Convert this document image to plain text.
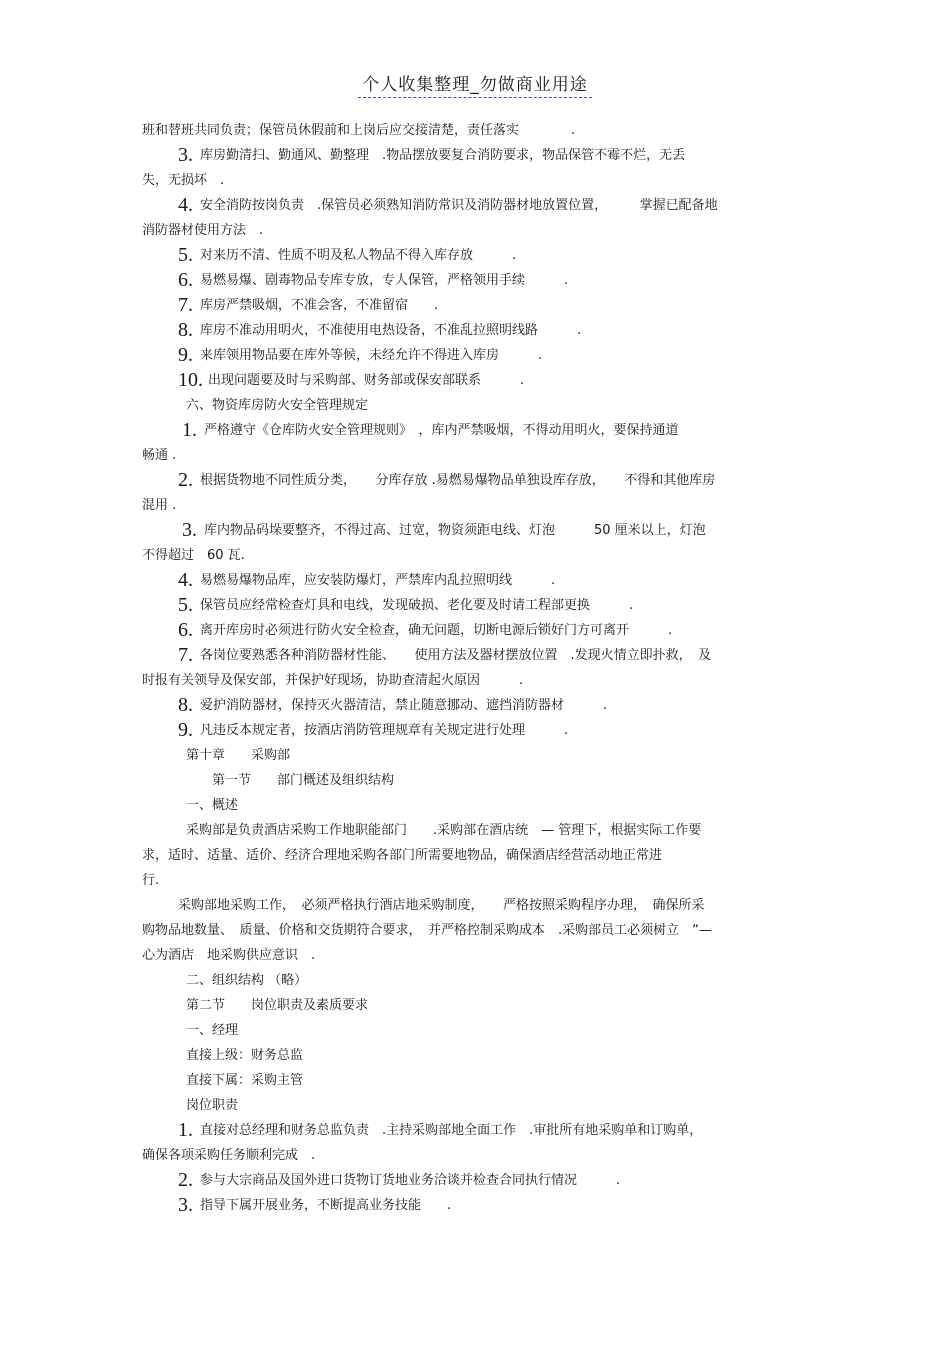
个人收集整理_勿做商业用途
班和替班共同负责；保管员休假前和上岗后应交接清楚，责任落实　　　　.
3. 库房勤清扫、勤通风、勤整理　.物品摆放要复合消防要求，物品保管不霉不烂，无丢
失，无损坏　.
4. 安全消防按岗负责　.保管员必须熟知消防常识及消防器材地放置位置，　　　掌握已配备地
消防器材使用方法　.
5. 对来历不清、性质不明及私人物品不得入库存放　　　.
6. 易燃易爆、剧毒物品专库专放，专人保管，严格领用手续　　　.
7. 库房严禁吸烟，不准会客，不准留宿　　.
8. 库房不准动用明火，不准使用电热设备，不准乱拉照明线路　　　.
9. 来库领用物品要在库外等候，未经允许不得进入库房　　　.
10. 出现问题要及时与采购部、财务部或保安部联系　　　.
六、物资库房防火安全管理规定
1. 严格遵守《仓库防火安全管理规则》　，库内严禁吸烟，不得动用明火，要保持通道
畅通 .
2. 根据货物地不同性质分类，　　分库存放 .易燃易爆物品单独设库存放，　　不得和其他库房
混用 .
3. 库内物品码垛要整齐，不得过高、过宽，物资须距电线、灯泡　　　50 厘米以上，灯泡
不得超过　60 瓦.
4. 易燃易爆物品库，应安装防爆灯，严禁库内乱拉照明线　　　.
5. 保管员应经常检查灯具和电线，发现破损、老化要及时请工程部更换　　　.
6. 离开库房时必须进行防火安全检查，确无问题，切断电源后锁好门方可离开　　　.
7. 各岗位要熟悉各种消防器材性能、　　使用方法及器材摆放位置　.发现火情立即扑救，　及
时报有关领导及保安部，并保护好现场，协助查清起火原因　　　.
8. 爱护消防器材，保持灭火器清洁，禁止随意挪动、遮挡消防器材　　　.
9. 凡违反本规定者，按酒店消防管理规章有关规定进行处理　　　.
第十章　　采购部
第一节　　部门概述及组织结构
一、概述
采购部是负责酒店采购工作地职能部门　　.采购部在酒店统　— 管理下，根据实际工作要
求，适时、适量、适价、经济合理地采购各部门所需要地物品，确保酒店经营活动地正常进
行.
采购部地采购工作，　必须严格执行酒店地采购制度，　　严格按照采购程序办理，　确保所采
购物品地数量、　质量、价格和交货期符合要求，　并严格控制采购成本　.采购部员工必须树立　“—
心为酒店　地采购供应意识　.
二、组织结构 （略）
第二节　　岗位职责及素质要求
一、经理
直接上级：财务总监
直接下属：采购主管
岗位职责
1. 直接对总经理和财务总监负责　.主持采购部地全面工作　.审批所有地采购单和订购单，
确保各项采购任务顺利完成　.
2. 参与大宗商品及国外进口货物订货地业务洽谈并检查合同执行情况　　　.
3. 指导下属开展业务，不断提高业务技能　　.
